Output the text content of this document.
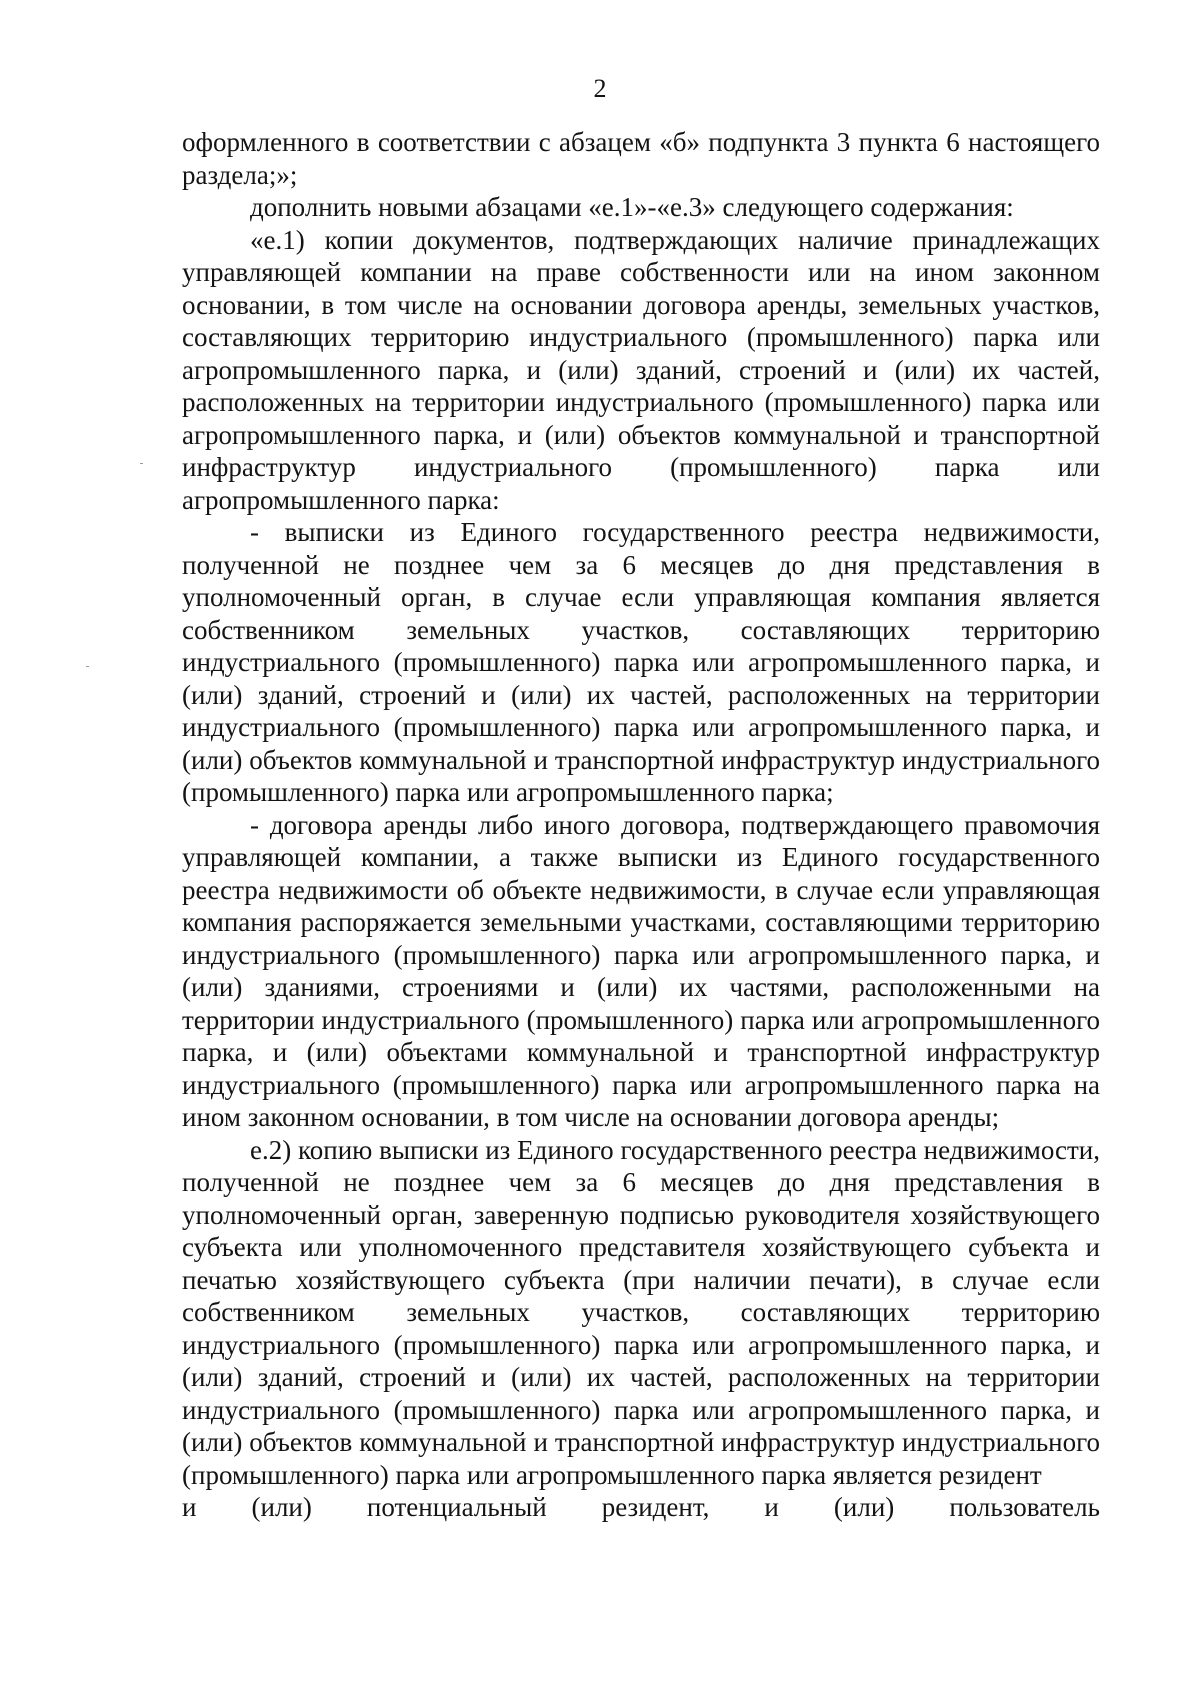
2

оформленного в соответствии с абзацем «б» подпункта 3 пункта 6 настоящего раздела;»;

дополнить новыми абзацами «е.1»-«е.3» следующего содержания:

«е.1) копии документов, подтверждающих наличие принадлежащих управляющей компании на праве собственности или на ином законном основании, в том числе на основании договора аренды, земельных участков, составляющих территорию индустриального (промышленного) парка или агропромышленного парка, и (или) зданий, строений и (или) их частей, расположенных на территории индустриального (промышленного) парка или агропромышленного парка, и (или) объектов коммунальной и транспортной инфраструктур индустриального (промышленного) парка или агропромышленного парка:

- выписки из Единого государственного реестра недвижимости, полученной не позднее чем за 6 месяцев до дня представления в уполномоченный орган, в случае если управляющая компания является собственником земельных участков, составляющих территорию индустриального (промышленного) парка или агропромышленного парка, и (или) зданий, строений и (или) их частей, расположенных на территории индустриального (промышленного) парка или агропромышленного парка, и (или) объектов коммунальной и транспортной инфраструктур индустриального (промышленного) парка или агропромышленного парка;

- договора аренды либо иного договора, подтверждающего правомочия управляющей компании, а также выписки из Единого государственного реестра недвижимости об объекте недвижимости, в случае если управляющая компания распоряжается земельными участками, составляющими территорию индустриального (промышленного) парка или агропромышленного парка, и (или) зданиями, строениями и (или) их частями, расположенными на территории индустриального (промышленного) парка или агропромышленного парка, и (или) объектами коммунальной и транспортной инфраструктур индустриального (промышленного) парка или агропромышленного парка на ином законном основании, в том числе на основании договора аренды;

е.2) копию выписки из Единого государственного реестра недвижимости, полученной не позднее чем за 6 месяцев до дня представления в уполномоченный орган, заверенную подписью руководителя хозяйствующего субъекта или уполномоченного представителя хозяйствующего субъекта и печатью хозяйствующего субъекта (при наличии печати), в случае если собственником земельных участков, составляющих территорию индустриального (промышленного) парка или агропромышленного парка, и (или) зданий, строений и (или) их частей, расположенных на территории индустриального (промышленного) парка или агропромышленного парка, и (или) объектов коммунальной и транспортной инфраструктур индустриального (промышленного) парка или агропромышленного парка является резидент

и (или) потенциальный резидент, и (или) пользователь
